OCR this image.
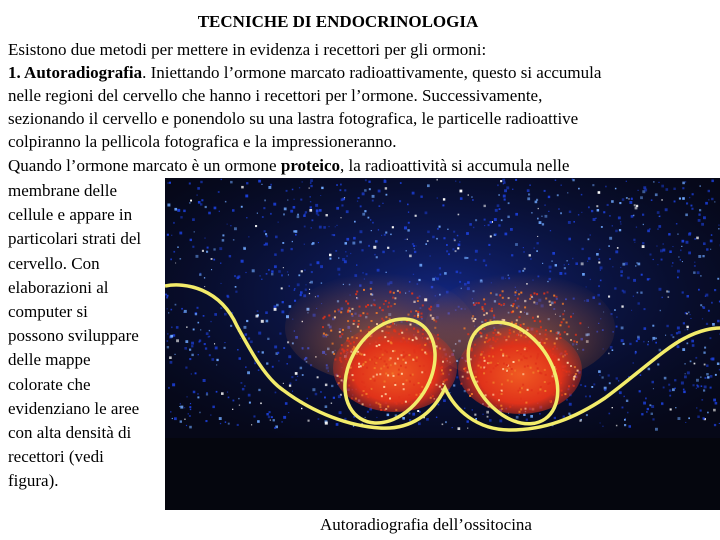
TECNICHE DI ENDOCRINOLOGIA
Esistono due metodi per mettere in evidenza i recettori per gli ormoni:
1. Autoradiografia. Iniettando l’ormone marcato radioattivamente, questo si accumula
nelle regioni del cervello che hanno i recettori per l’ormone. Successivamente,
sezionando il cervello e ponendolo su una lastra fotografica, le particelle radioattive
colpiranno la pellicola fotografica e la impressioneranno.
Quando l’ormone marcato è un ormone proteico, la radioattività si accumula nelle
membrane delle
cellule e appare in
particolari strati del
cervello. Con
elaborazioni al
computer si
possono sviluppare
delle mappe
colorate che
evidenziano le aree
con alta densità di
recettori (vedi
figura).
Autoradiografia dell’ossitocina
